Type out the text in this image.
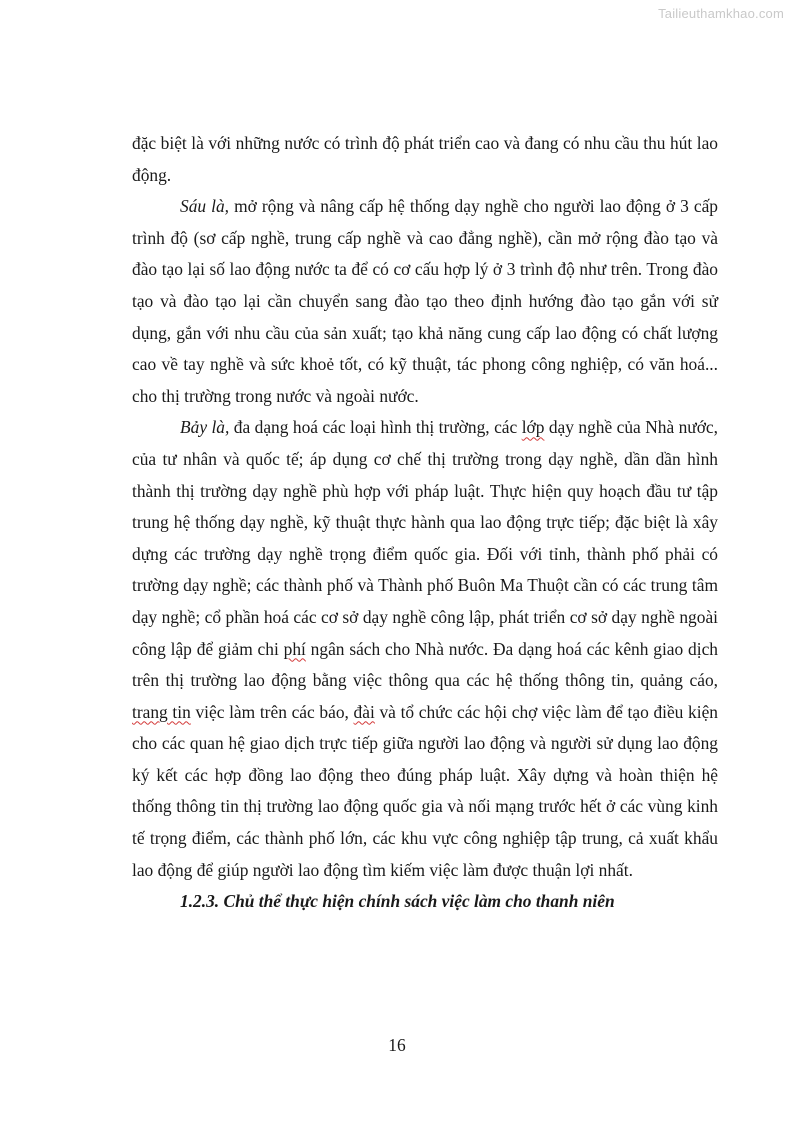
Tailieuthamkhao.com

đặc biệt là với những nước có trình độ phát triển cao và đang có nhu cầu thu hút lao động.

Sáu là, mở rộng và nâng cấp hệ thống dạy nghề cho người lao động ở 3 cấp trình độ (sơ cấp nghề, trung cấp nghề và cao đẳng nghề), cần mở rộng đào tạo và đào tạo lại số lao động nước ta để có cơ cấu hợp lý ở 3 trình độ như trên. Trong đào tạo và đào tạo lại cần chuyển sang đào tạo theo định hướng đào tạo gắn với sử dụng, gắn với nhu cầu của sản xuất; tạo khả năng cung cấp lao động có chất lượng cao về tay nghề và sức khoẻ tốt, có kỹ thuật, tác phong công nghiệp, có văn hoá... cho thị trường trong nước và ngoài nước.

Bảy là, đa dạng hoá các loại hình thị trường, các lớp dạy nghề của Nhà nước, của tư nhân và quốc tế; áp dụng cơ chế thị trường trong dạy nghề, dần dần hình thành thị trường dạy nghề phù hợp với pháp luật. Thực hiện quy hoạch đầu tư tập trung hệ thống dạy nghề, kỹ thuật thực hành qua lao động trực tiếp; đặc biệt là xây dựng các trường dạy nghề trọng điểm quốc gia. Đối với tỉnh, thành phố phải có trường dạy nghề; các thành phố và Thành phố Buôn Ma Thuột cần có các trung tâm dạy nghề; cổ phần hoá các cơ sở dạy nghề công lập, phát triển cơ sở dạy nghề ngoài công lập để giảm chi phí ngân sách cho Nhà nước. Đa dạng hoá các kênh giao dịch trên thị trường lao động bằng việc thông qua các hệ thống thông tin, quảng cáo, trang tin việc làm trên các báo, đài và tổ chức các hội chợ việc làm để tạo điều kiện cho các quan hệ giao dịch trực tiếp giữa người lao động và người sử dụng lao động ký kết các hợp đồng lao động theo đúng pháp luật. Xây dựng và hoàn thiện hệ thống thông tin thị trường lao động quốc gia và nối mạng trước hết ở các vùng kinh tế trọng điểm, các thành phố lớn, các khu vực công nghiệp tập trung, cả xuất khẩu lao động để giúp người lao động tìm kiếm việc làm được thuận lợi nhất.

1.2.3. Chủ thể thực hiện chính sách việc làm cho thanh niên

16
